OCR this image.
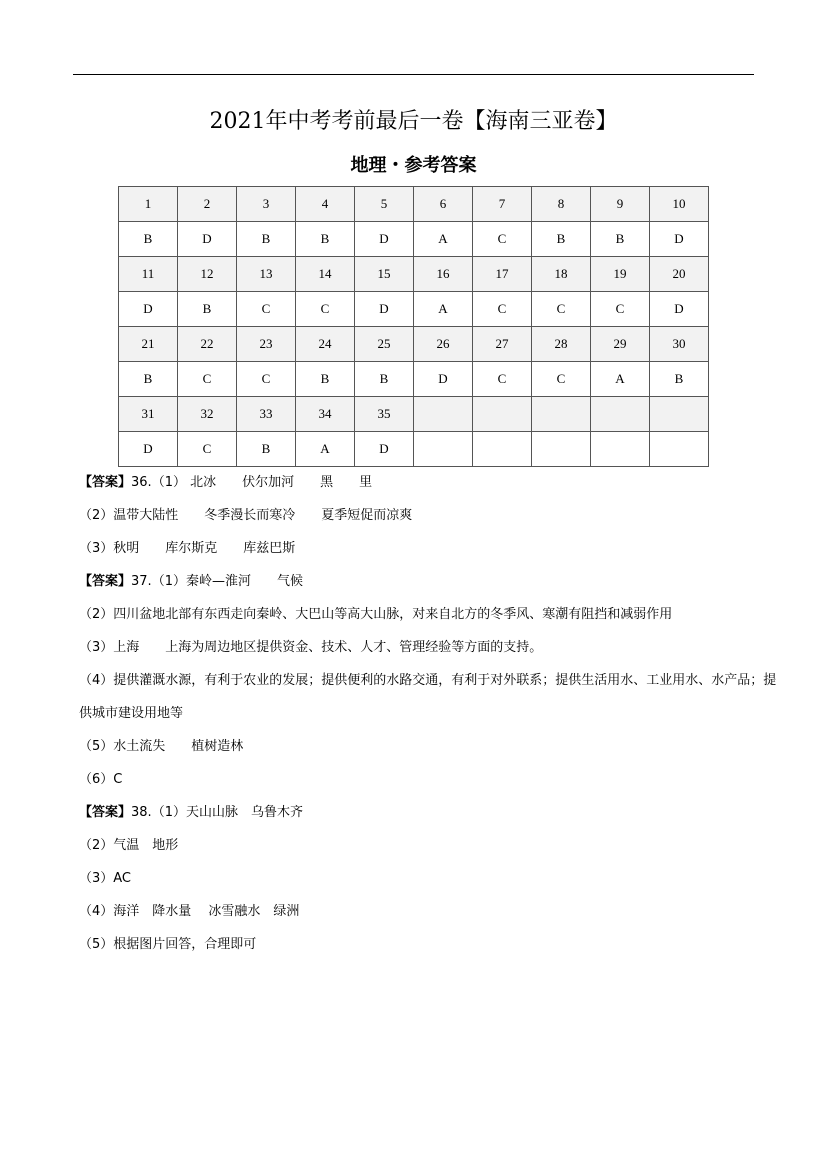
2021年中考考前最后一卷【海南三亚卷】
地理・参考答案
1	2	3	4	5	6	7	8	9	10
B	D	B	B	D	A	C	B	B	D
11	12	13	14	15	16	17	18	19	20
D	B	C	C	D	A	C	C	C	D
21	22	23	24	25	26	27	28	29	30
B	C	C	B	B	D	C	C	A	B
31	32	33	34	35					
D	C	B	A	D					
【答案】36.（1） 北冰　　伏尔加河　　黑　　里
（2）温带大陆性　　冬季漫长而寒冷　　夏季短促而凉爽
（3）秋明　　库尔斯克　　库兹巴斯
【答案】37.（1）秦岭—淮河　　气候
（2）四川盆地北部有东西走向秦岭、大巴山等高大山脉，对来自北方的冬季风、寒潮有阻挡和减弱作用
（3）上海　　上海为周边地区提供资金、技术、人才、管理经验等方面的支持。
（4）提供灌溉水源，有利于农业的发展；提供便利的水路交通，有利于对外联系；提供生活用水、工业用水、水产品；提供城市建设用地等
（5）水土流失　　植树造林
（6）C
【答案】38.（1）天山山脉　乌鲁木齐
（2）气温　地形
（3）AC
（4）海洋　降水量　 冰雪融水　绿洲
（5）根据图片回答，合理即可
